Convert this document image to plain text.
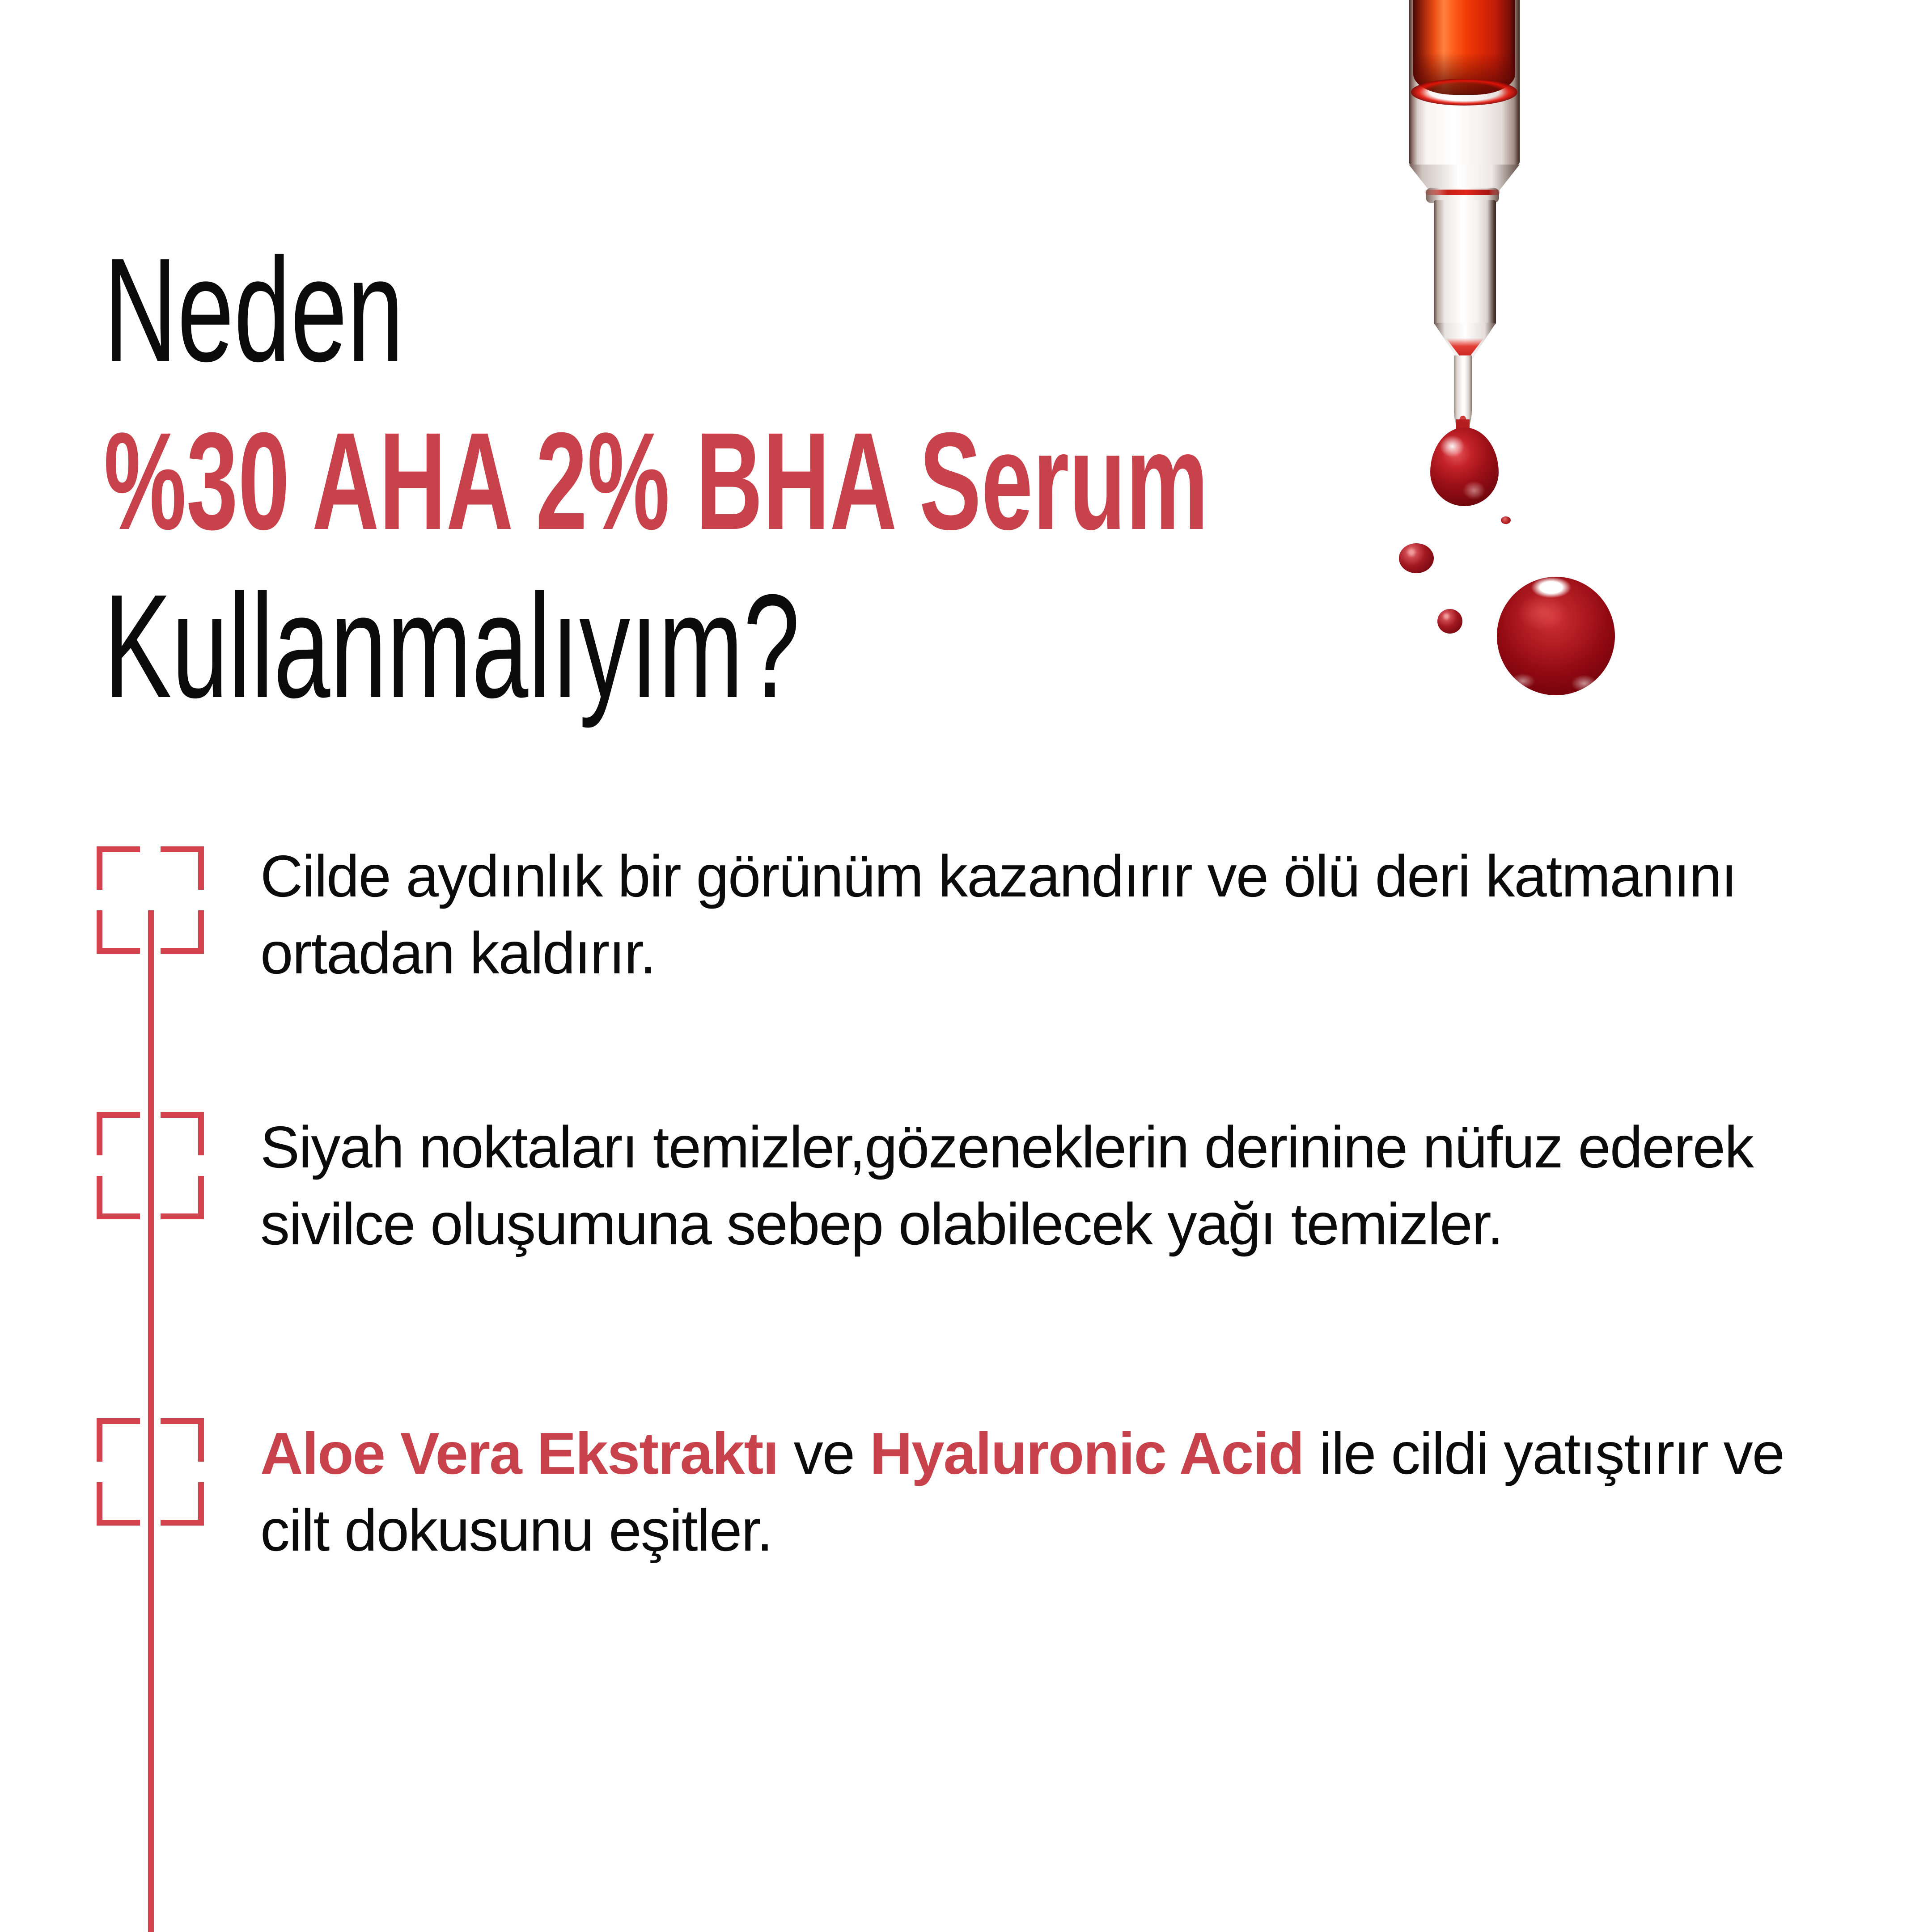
Neden
%30 AHA 2% BHA Serum
Kullanmalıyım?
Cilde aydınlık bir görünüm kazandırır ve ölü deri katmanını
ortadan kaldırır.
Siyah noktaları temizler,gözeneklerin derinine nüfuz ederek
sivilce oluşumuna sebep olabilecek yağı temizler.
Aloe Vera Ekstraktı ve Hyaluronic Acid ile cildi yatıştırır ve
cilt dokusunu eşitler.
